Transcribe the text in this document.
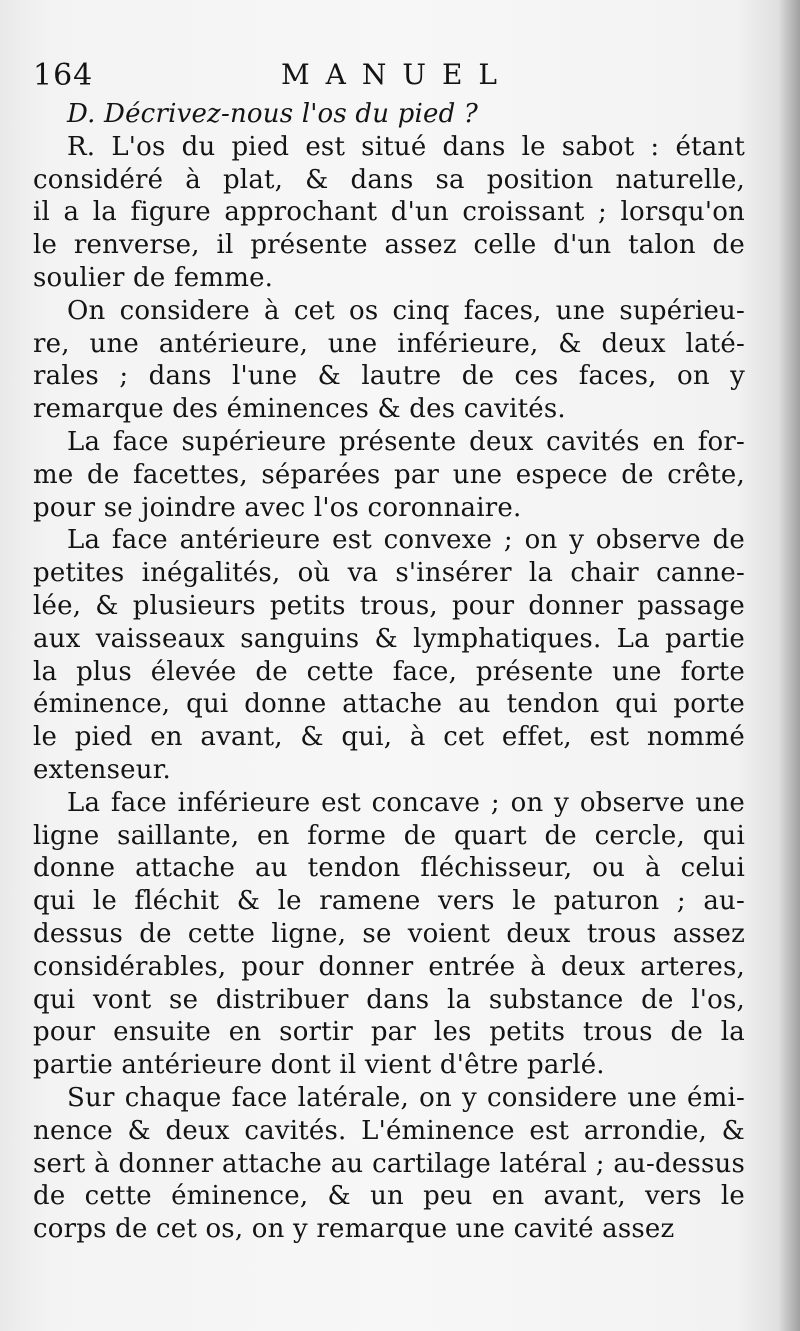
164	MANUEL
D. Décrivez-nous l'os du pied ?
R. L'os du pied est situé dans le sabot : étant
considéré à plat, & dans sa position naturelle,
il a la figure approchant d'un croissant ; lorsqu'on
le renverse, il présente assez celle d'un talon de
soulier de femme.
On considere à cet os cinq faces, une supérieu-
re, une antérieure, une inférieure, & deux laté-
rales ; dans l'une & lautre de ces faces, on y
remarque des éminences & des cavités.
La face supérieure présente deux cavités en for-
me de facettes, séparées par une espece de crête,
pour se joindre avec l'os coronnaire.
La face antérieure est convexe ; on y observe de
petites inégalités, où va s'insérer la chair canne-
lée, & plusieurs petits trous, pour donner passage
aux vaisseaux sanguins & lymphatiques. La partie
la plus élevée de cette face, présente une forte
éminence, qui donne attache au tendon qui porte
le pied en avant, & qui, à cet effet, est nommé
extenseur.
La face inférieure est concave ; on y observe une
ligne saillante, en forme de quart de cercle, qui
donne attache au tendon fléchisseur, ou à celui
qui le fléchit & le ramene vers le paturon ; au-
dessus de cette ligne, se voient deux trous assez
considérables, pour donner entrée à deux arteres,
qui vont se distribuer dans la substance de l'os,
pour ensuite en sortir par les petits trous de la
partie antérieure dont il vient d'être parlé.
Sur chaque face latérale, on y considere une émi-
nence & deux cavités. L'éminence est arrondie, &
sert à donner attache au cartilage latéral ; au-dessus
de cette éminence, & un peu en avant, vers le
corps de cet os, on y remarque une cavité assez
